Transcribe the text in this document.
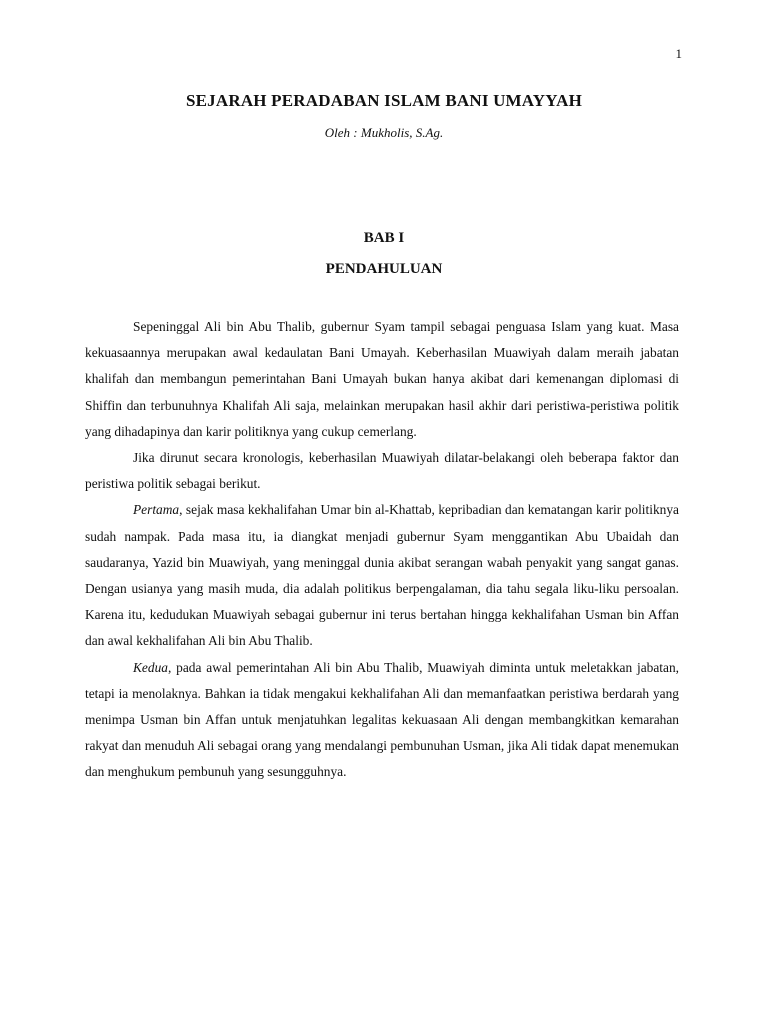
1
SEJARAH PERADABAN ISLAM BANI UMAYYAH
Oleh : Mukholis, S.Ag.
BAB I
PENDAHULUAN

Sepeninggal Ali bin Abu Thalib, gubernur Syam tampil sebagai penguasa Islam yang kuat. Masa kekuasaannya merupakan awal kedaulatan Bani Umayah. Keberhasilan Muawiyah dalam meraih jabatan khalifah dan membangun pemerintahan Bani Umayah bukan hanya akibat dari kemenangan diplomasi di Shiffin dan terbunuhnya Khalifah Ali saja, melainkan merupakan hasil akhir dari peristiwa-peristiwa politik yang dihadapinya dan karir politiknya yang cukup cemerlang.

Jika dirunut secara kronologis, keberhasilan Muawiyah dilatar-belakangi oleh beberapa faktor dan peristiwa politik sebagai berikut.

Pertama, sejak masa kekhalifahan Umar bin al-Khattab, kepribadian dan kematangan karir politiknya sudah nampak. Pada masa itu, ia diangkat menjadi gubernur Syam menggantikan Abu Ubaidah dan saudaranya, Yazid bin Muawiyah, yang meninggal dunia akibat serangan wabah penyakit yang sangat ganas. Dengan usianya yang masih muda, dia adalah politikus berpengalaman, dia tahu segala liku-liku persoalan. Karena itu, kedudukan Muawiyah sebagai gubernur ini terus bertahan hingga kekhalifahan Usman bin Affan dan awal kekhalifahan Ali bin Abu Thalib.

Kedua, pada awal pemerintahan Ali bin Abu Thalib, Muawiyah diminta untuk meletakkan jabatan, tetapi ia menolaknya. Bahkan ia tidak mengakui kekhalifahan Ali dan memanfaatkan peristiwa berdarah yang menimpa Usman bin Affan untuk menjatuhkan legalitas kekuasaan Ali dengan membangkitkan kemarahan rakyat dan menuduh Ali sebagai orang yang mendalangi pembunuhan Usman, jika Ali tidak dapat menemukan dan menghukum pembunuh yang sesungguhnya.
